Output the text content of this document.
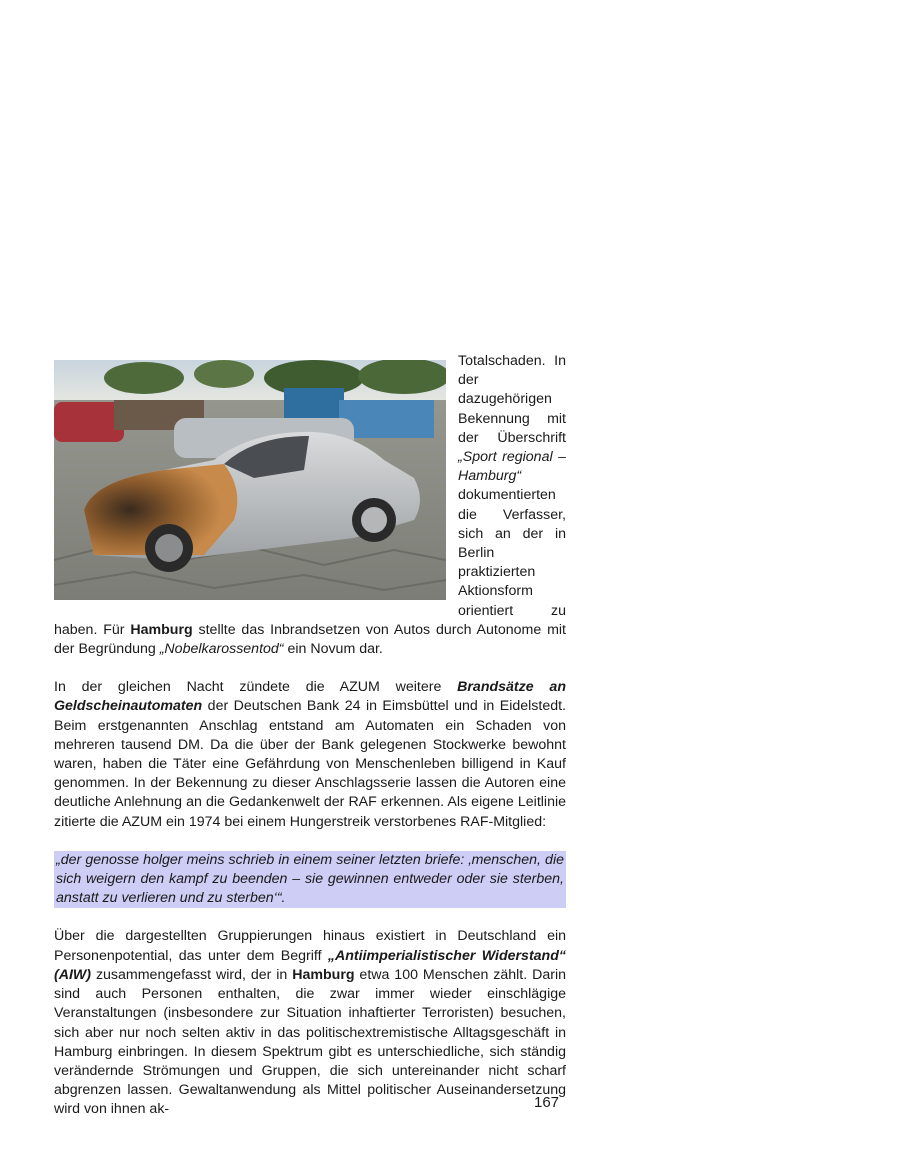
Totalschaden. In der dazugehörigen Bekennung mit der Überschrift „Sport regional – Hamburg“ dokumentierten die Verfasser, sich an der in Berlin praktizierten Aktionsform orientiert zu haben. Für Hamburg stellte das Inbrandsetzen von Autos durch Autonome mit der Begründung „Nobelkarossentod“ ein Novum dar.

In der gleichen Nacht zündete die AZUM weitere Brandsätze an Geldscheinautomaten der Deutschen Bank 24 in Eimsbüttel und in Eidelstedt. Beim erstgenannten Anschlag entstand am Automaten ein Schaden von mehreren tausend DM. Da die über der Bank gelegenen Stockwerke bewohnt waren, haben die Täter eine Gefährdung von Menschenleben billigend in Kauf genommen. In der Bekennung zu dieser Anschlagsserie lassen die Autoren eine deutliche Anlehnung an die Gedankenwelt der RAF erkennen. Als eigene Leitlinie zitierte die AZUM ein 1974 bei einem Hungerstreik verstorbenes RAF-Mitglied:

„der genosse holger meins schrieb in einem seiner letzten briefe: ‚menschen, die sich weigern den kampf zu beenden – sie gewinnen entweder oder sie sterben, anstatt zu verlieren und zu sterben‘“.

Über die dargestellten Gruppierungen hinaus existiert in Deutschland ein Personenpotential, das unter dem Begriff „Antiimperialistischer Widerstand“ (AIW) zusammengefasst wird, der in Hamburg etwa 100 Menschen zählt. Darin sind auch Personen enthalten, die zwar immer wieder einschlägige Veranstaltungen (insbesondere zur Situation inhaftierter Terroristen) besuchen, sich aber nur noch selten aktiv in das politischextremistische Alltagsgeschäft in Hamburg einbringen. In diesem Spektrum gibt es unterschiedliche, sich ständig verändernde Strömungen und Gruppen, die sich untereinander nicht scharf abgrenzen lassen. Gewaltanwendung als Mittel politischer Auseinandersetzung wird von ihnen ak-	167
